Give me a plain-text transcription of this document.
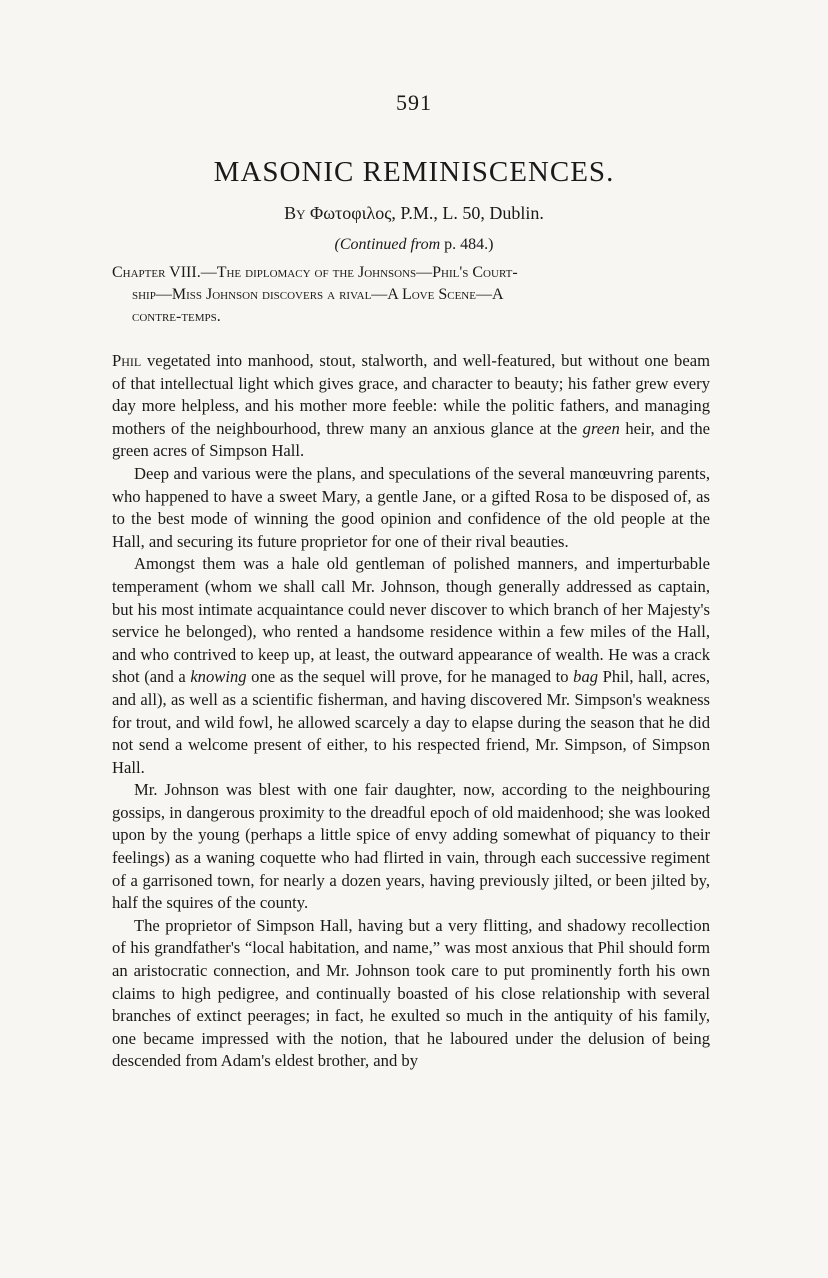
591
MASONIC REMINISCENCES.
By Φωτοφιλος, P.M., L. 50, Dublin.
(Continued from p. 484.)
Chapter VIII.—The diplomacy of the Johnsons—Phil's Court-
ship—Miss Johnson discovers a rival—A Love Scene—A
contre-temps.

Phil vegetated into manhood, stout, stalworth, and well-featured, but without one beam of that intellectual light which gives grace, and character to beauty; his father grew every day more helpless, and his mother more feeble: while the politic fathers, and managing mothers of the neighbourhood, threw many an anxious glance at the green heir, and the green acres of Simpson Hall.

Deep and various were the plans, and speculations of the several manœuvring parents, who happened to have a sweet Mary, a gentle Jane, or a gifted Rosa to be disposed of, as to the best mode of winning the good opinion and confidence of the old people at the Hall, and securing its future proprietor for one of their rival beauties.

Amongst them was a hale old gentleman of polished manners, and imperturbable temperament (whom we shall call Mr. Johnson, though generally addressed as captain, but his most intimate acquaintance could never discover to which branch of her Majesty's service he belonged), who rented a handsome residence within a few miles of the Hall, and who contrived to keep up, at least, the outward appearance of wealth. He was a crack shot (and a knowing one as the sequel will prove, for he managed to bag Phil, hall, acres, and all), as well as a scientific fisherman, and having discovered Mr. Simpson's weakness for trout, and wild fowl, he allowed scarcely a day to elapse during the season that he did not send a welcome present of either, to his respected friend, Mr. Simpson, of Simpson Hall.

Mr. Johnson was blest with one fair daughter, now, according to the neighbouring gossips, in dangerous proximity to the dreadful epoch of old maidenhood; she was looked upon by the young (perhaps a little spice of envy adding somewhat of piquancy to their feelings) as a waning coquette who had flirted in vain, through each successive regiment of a garrisoned town, for nearly a dozen years, having previously jilted, or been jilted by, half the squires of the county.

The proprietor of Simpson Hall, having but a very flitting, and shadowy recollection of his grandfather's “local habitation, and name,” was most anxious that Phil should form an aristocratic connection, and Mr. Johnson took care to put prominently forth his own claims to high pedigree, and continually boasted of his close relationship with several branches of extinct peerages; in fact, he exulted so much in the antiquity of his family, one became impressed with the notion, that he laboured under the delusion of being descended from Adam's eldest brother, and by
